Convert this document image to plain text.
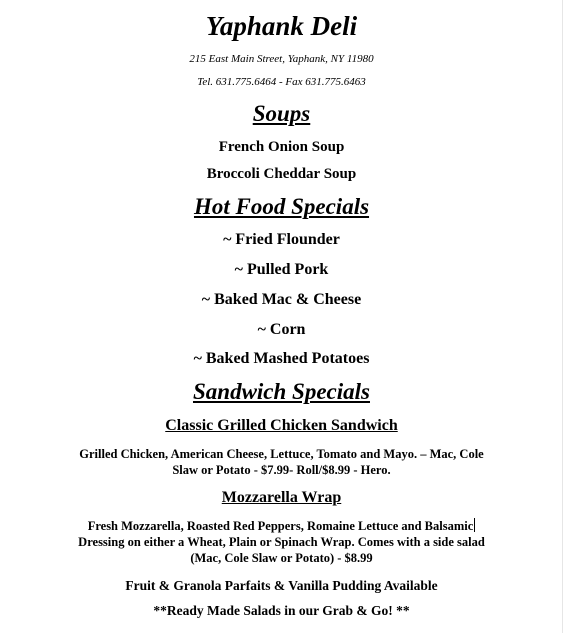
Yaphank Deli
215 East Main Street, Yaphank, NY 11980
Tel. 631.775.6464 - Fax 631.775.6463
Soups
French Onion Soup
Broccoli Cheddar Soup
Hot Food Specials
~ Fried Flounder
~ Pulled Pork
~ Baked Mac & Cheese
~ Corn
~ Baked Mashed Potatoes
Sandwich Specials
Classic Grilled Chicken Sandwich
Grilled Chicken, American Cheese, Lettuce, Tomato and Mayo. – Mac, Cole
Slaw or Potato - $7.99- Roll/$8.99 - Hero.
Mozzarella Wrap
Fresh Mozzarella, Roasted Red Peppers, Romaine Lettuce and Balsamic
Dressing on either a Wheat, Plain or Spinach Wrap. Comes with a side salad
(Mac, Cole Slaw or Potato) - $8.99
Fruit & Granola Parfaits & Vanilla Pudding Available
**Ready Made Salads in our Grab & Go! **
